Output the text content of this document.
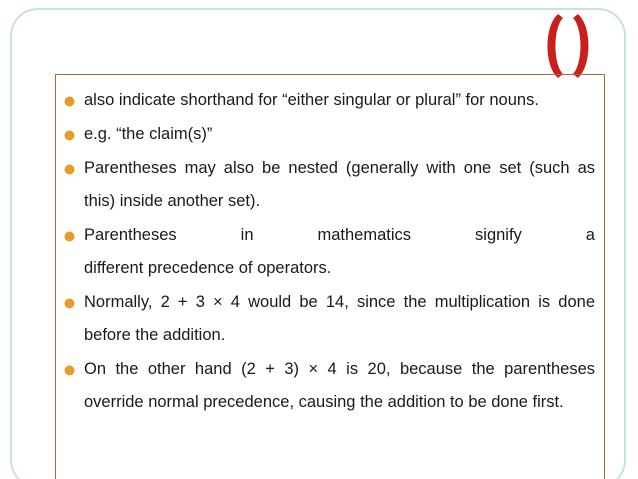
also indicate shorthand for “either singular or plural” for nouns.
e.g. “the claim(s)”
Parentheses may also be nested (generally with one set (such as this) inside another set).
Parentheses in mathematics signify a
different precedence of operators.
Normally, 2 + 3 × 4 would be 14, since the multiplication is done before the addition.
On the other hand (2 + 3) × 4 is 20, because the parentheses override normal precedence, causing the addition to be done first.
